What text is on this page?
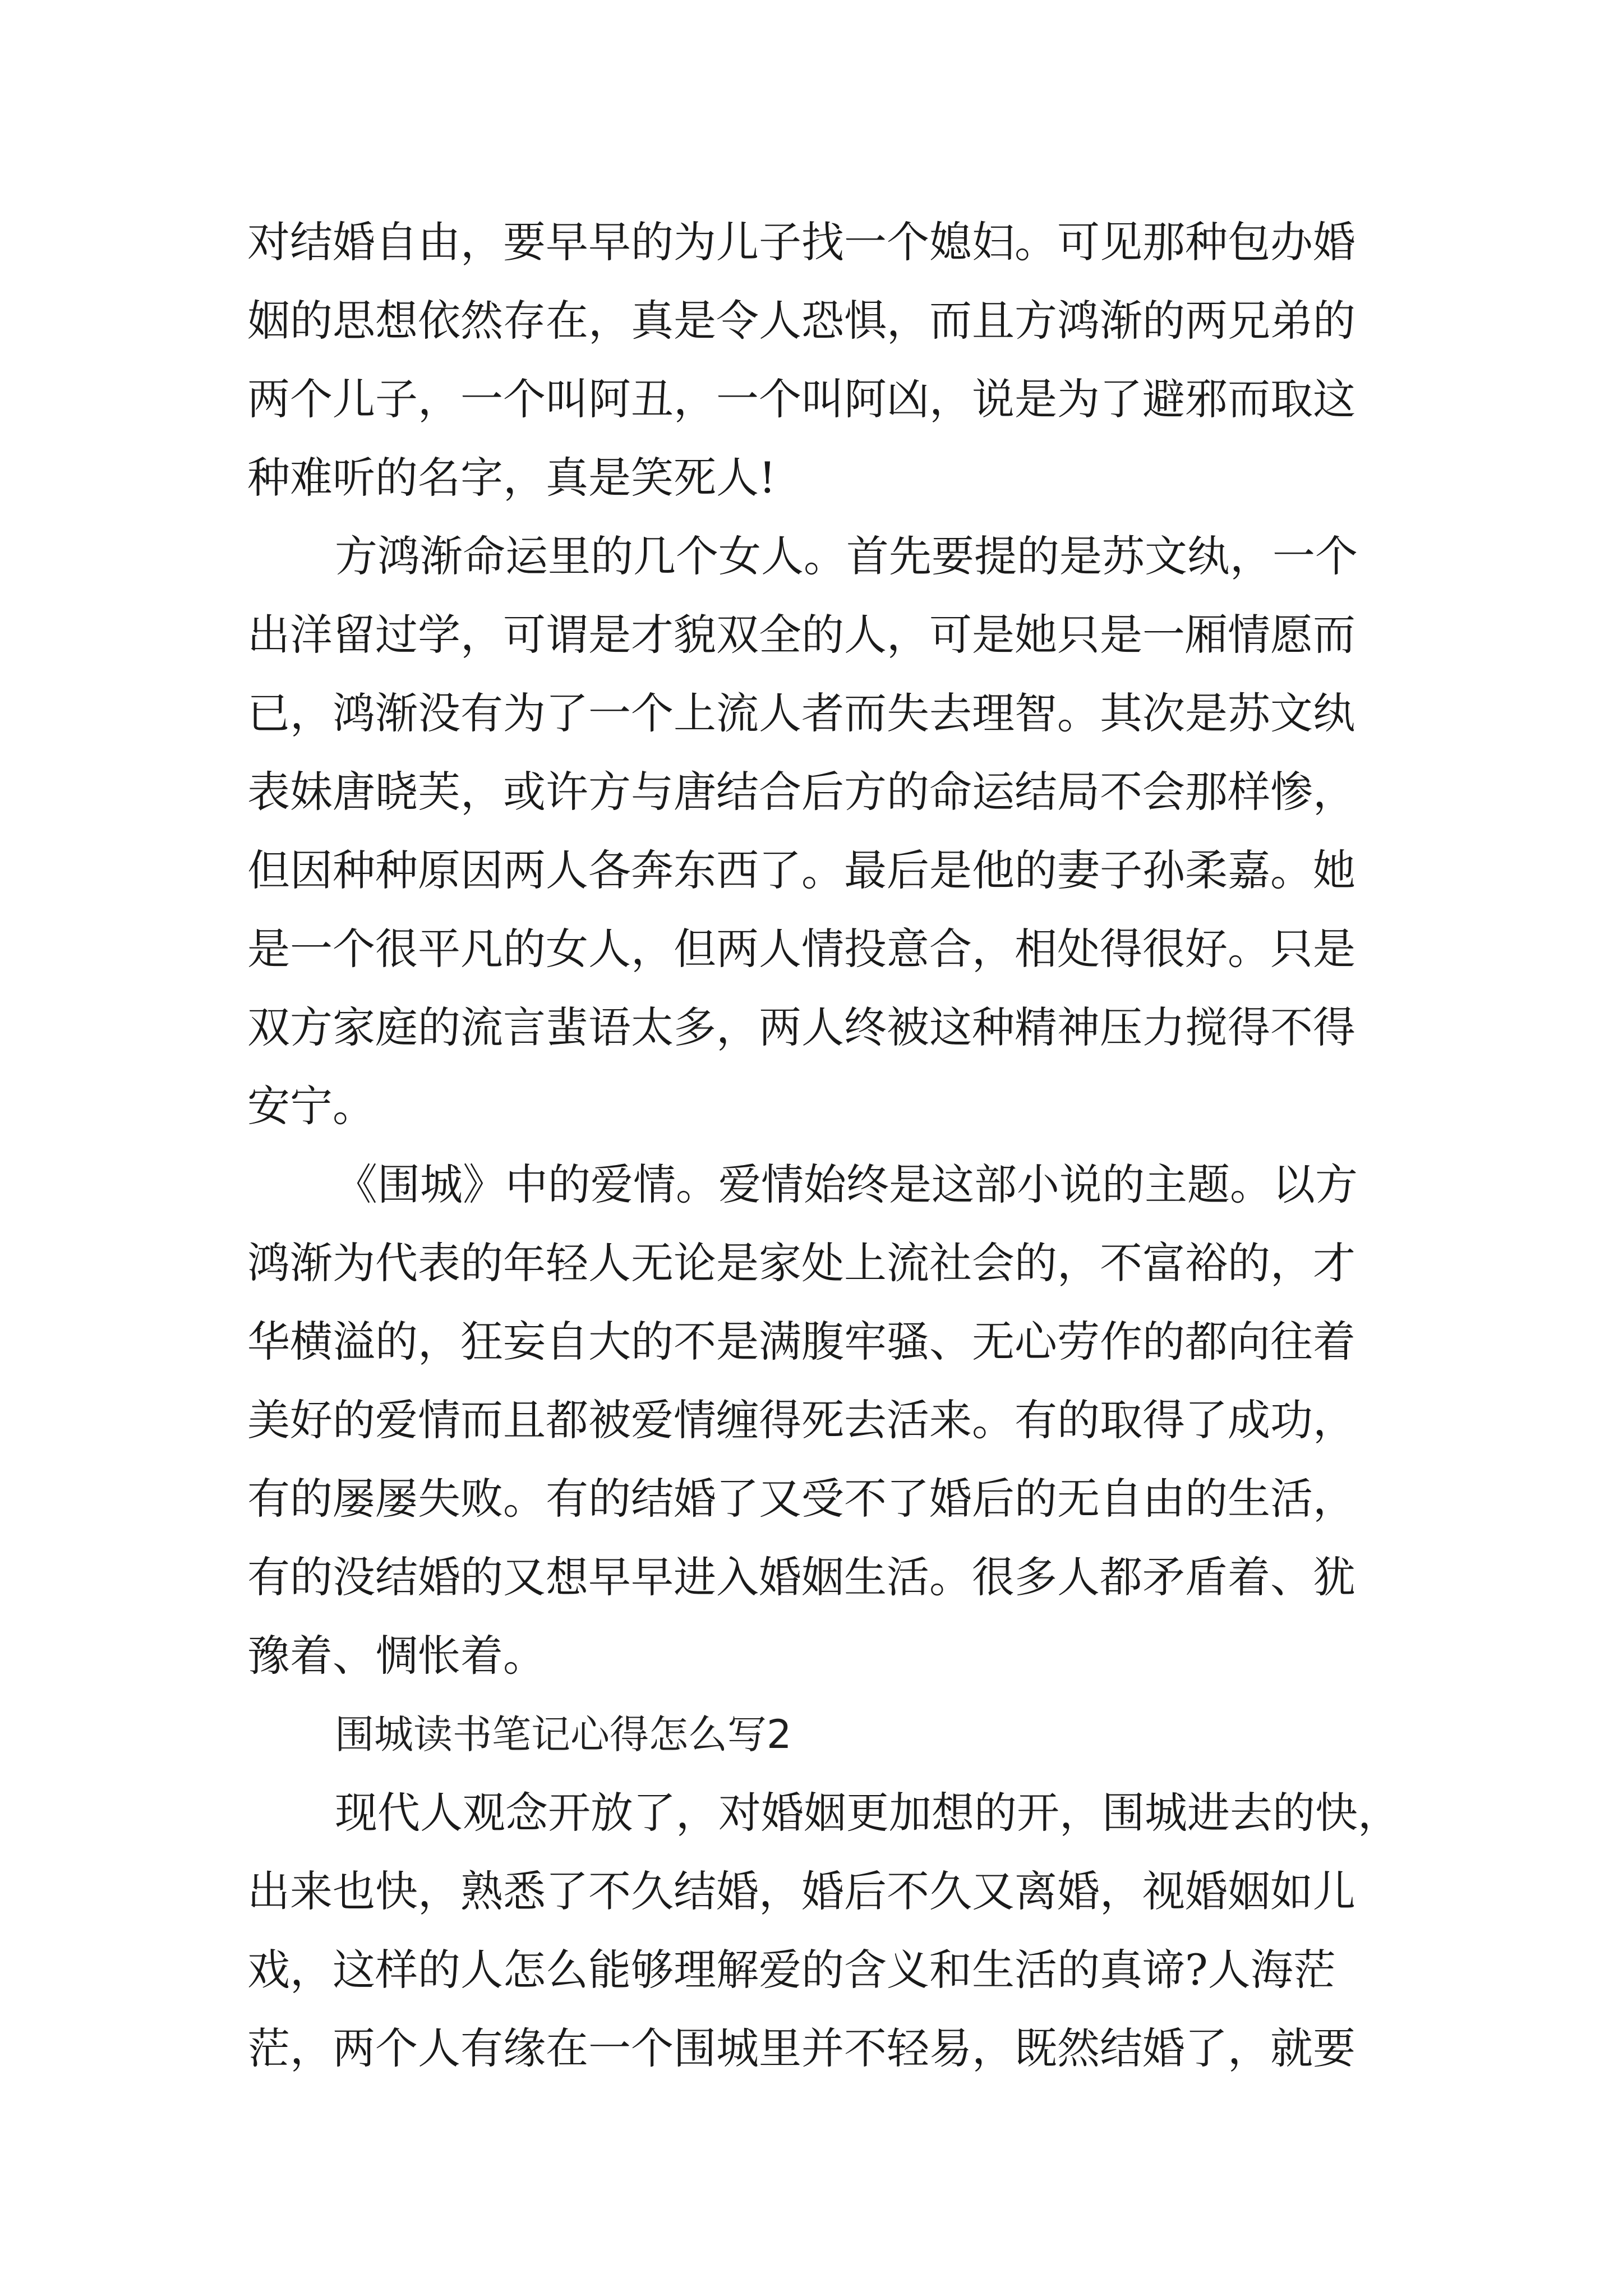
对结婚自由，要早早的为儿子找一个媳妇。可见那种包办婚
姻的思想依然存在，真是令人恐惧，而且方鸿渐的两兄弟的
两个儿子，一个叫阿丑，一个叫阿凶，说是为了避邪而取这
种难听的名字，真是笑死人!
方鸿渐命运里的几个女人。首先要提的是苏文纨，一个
出洋留过学，可谓是才貌双全的人，可是她只是一厢情愿而
已，鸿渐没有为了一个上流人者而失去理智。其次是苏文纨
表妹唐晓芙，或许方与唐结合后方的命运结局不会那样惨，
但因种种原因两人各奔东西了。最后是他的妻子孙柔嘉。她
是一个很平凡的女人，但两人情投意合，相处得很好。只是
双方家庭的流言蜚语太多，两人终被这种精神压力搅得不得
安宁。
《围城》中的爱情。爱情始终是这部小说的主题。以方
鸿渐为代表的年轻人无论是家处上流社会的，不富裕的，才
华横溢的，狂妄自大的不是满腹牢骚、无心劳作的都向往着
美好的爱情而且都被爱情缠得死去活来。有的取得了成功，
有的屡屡失败。有的结婚了又受不了婚后的无自由的生活，
有的没结婚的又想早早进入婚姻生活。很多人都矛盾着、犹
豫着、惆怅着。
围城读书笔记心得怎么写2
现代人观念开放了，对婚姻更加想的开，围城进去的快，
出来也快，熟悉了不久结婚，婚后不久又离婚，视婚姻如儿
戏，这样的人怎么能够理解爱的含义和生活的真谛?人海茫
茫，两个人有缘在一个围城里并不轻易，既然结婚了，就要
